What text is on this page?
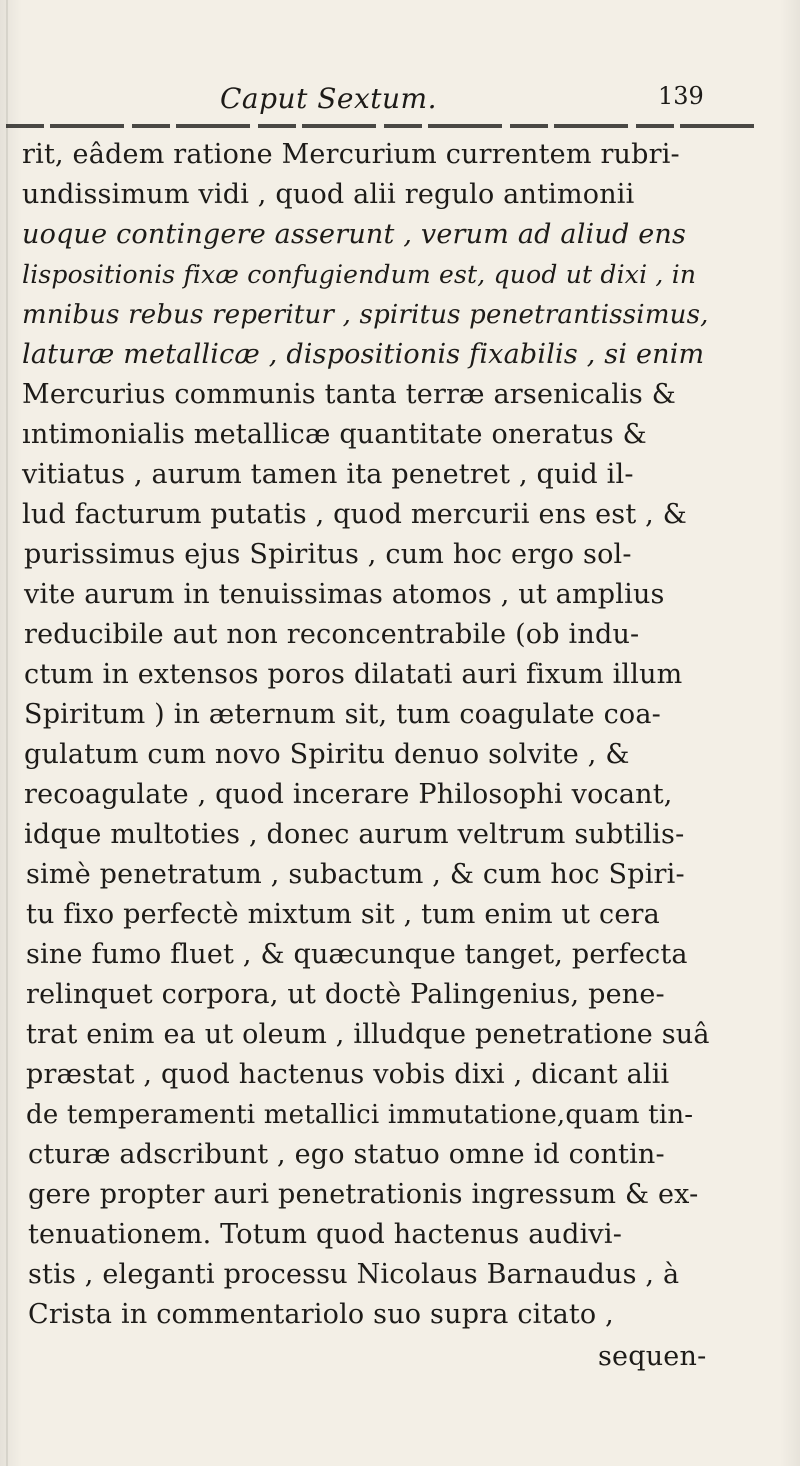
Caput Sextum.	139
rit, eâdem ratione Mercurium currentem rubri-
undissimum vidi , quod alii regulo antimonii
uoque contingere asserunt , verum ad aliud ens
lispositionis fixæ confugiendum est, quod ut dixi , in
mnibus rebus reperitur , spiritus penetrantissimus,
laturæ metallicæ , dispositionis fixabilis , si enim
Mercurius communis tanta terræ arsenicalis &
ıntimonialis metallicæ quantitate oneratus &
vitiatus , aurum tamen ita penetret , quid il-
lud facturum putatis , quod mercurii ens est , &
purissimus ejus Spiritus , cum hoc ergo sol-
vite aurum in tenuissimas atomos , ut amplius
reducibile aut non reconcentrabile (ob indu-
ctum in extensos poros dilatati auri fixum illum
Spiritum ) in æternum sit, tum coagulate coa-
gulatum cum novo Spiritu denuo solvite , &
recoagulate , quod incerare Philosophi vocant,
idque multoties , donec aurum veltrum subtilis-
simè penetratum , subactum , & cum hoc Spiri-
tu fixo perfectè mixtum sit , tum enim ut cera
sine fumo fluet , & quæcunque tanget, perfecta
relinquet corpora, ut doctè Palingenius, pene-
trat enim ea ut oleum , illudque penetratione suâ
præstat , quod hactenus vobis dixi , dicant alii
de temperamenti metallici immutatione,quam tin-
cturæ adscribunt , ego statuo omne id contin-
gere propter auri penetrationis ingressum & ex-
tenuationem. Totum quod hactenus audivi-
stis , eleganti processu Nicolaus Barnaudus , à
Crista in commentariolo suo supra citato ,
sequen-
